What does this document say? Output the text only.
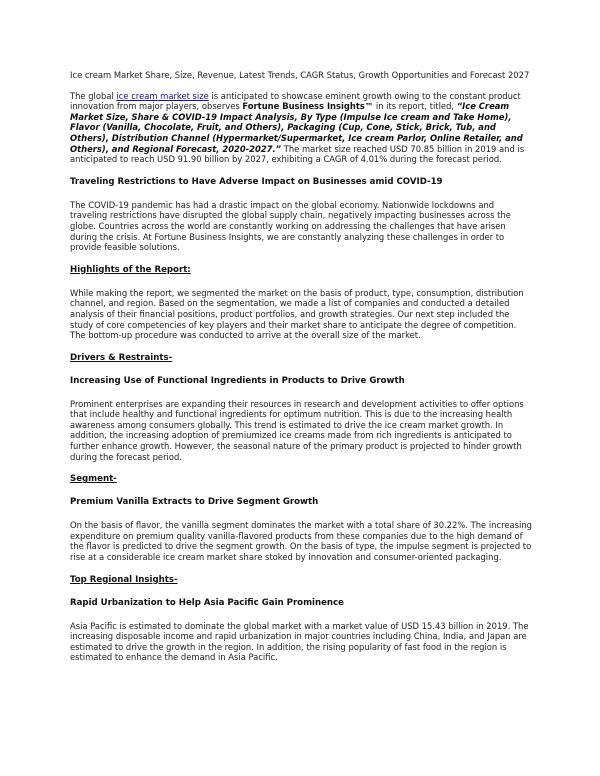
Ice cream Market Share, Size, Revenue, Latest Trends, CAGR Status, Growth Opportunities and Forecast 2027

The global ice cream market size is anticipated to showcase eminent growth owing to the constant product innovation from major players, observes Fortune Business Insights™ in its report, titled, “Ice Cream Market Size, Share & COVID-19 Impact Analysis, By Type (Impulse Ice cream and Take Home), Flavor (Vanilla, Chocolate, Fruit, and Others), Packaging (Cup, Cone, Stick, Brick, Tub, and Others), Distribution Channel (Hypermarket/Supermarket, Ice cream Parlor, Online Retailer, and Others), and Regional Forecast, 2020-2027.” The market size reached USD 70.85 billion in 2019 and is anticipated to reach USD 91.90 billion by 2027, exhibiting a CAGR of 4.01% during the forecast period.

Traveling Restrictions to Have Adverse Impact on Businesses amid COVID-19

The COVID-19 pandemic has had a drastic impact on the global economy. Nationwide lockdowns and traveling restrictions have disrupted the global supply chain, negatively impacting businesses across the globe. Countries across the world are constantly working on addressing the challenges that have arisen during the crisis. At Fortune Business Insights, we are constantly analyzing these challenges in order to provide feasible solutions.

Highlights of the Report:

While making the report, we segmented the market on the basis of product, type, consumption, distribution channel, and region. Based on the segmentation, we made a list of companies and conducted a detailed analysis of their financial positions, product portfolios, and growth strategies. Our next step included the study of core competencies of key players and their market share to anticipate the degree of competition. The bottom-up procedure was conducted to arrive at the overall size of the market.

Drivers & Restraints-

Increasing Use of Functional Ingredients in Products to Drive Growth

Prominent enterprises are expanding their resources in research and development activities to offer options that include healthy and functional ingredients for optimum nutrition. This is due to the increasing health awareness among consumers globally. This trend is estimated to drive the ice cream market growth. In addition, the increasing adoption of premiumized ice creams made from rich ingredients is anticipated to further enhance growth. However, the seasonal nature of the primary product is projected to hinder growth during the forecast period.

Segment-

Premium Vanilla Extracts to Drive Segment Growth

On the basis of flavor, the vanilla segment dominates the market with a total share of 30.22%. The increasing expenditure on premium quality vanilla-flavored products from these companies due to the high demand of the flavor is predicted to drive the segment growth. On the basis of type, the impulse segment is projected to rise at a considerable ice cream market share stoked by innovation and consumer-oriented packaging.

Top Regional Insights-

Rapid Urbanization to Help Asia Pacific Gain Prominence

Asia Pacific is estimated to dominate the global market with a market value of USD 15.43 billion in 2019. The increasing disposable income and rapid urbanization in major countries including China, India, and Japan are estimated to drive the growth in the region. In addition, the rising popularity of fast food in the region is estimated to enhance the demand in Asia Pacific.
